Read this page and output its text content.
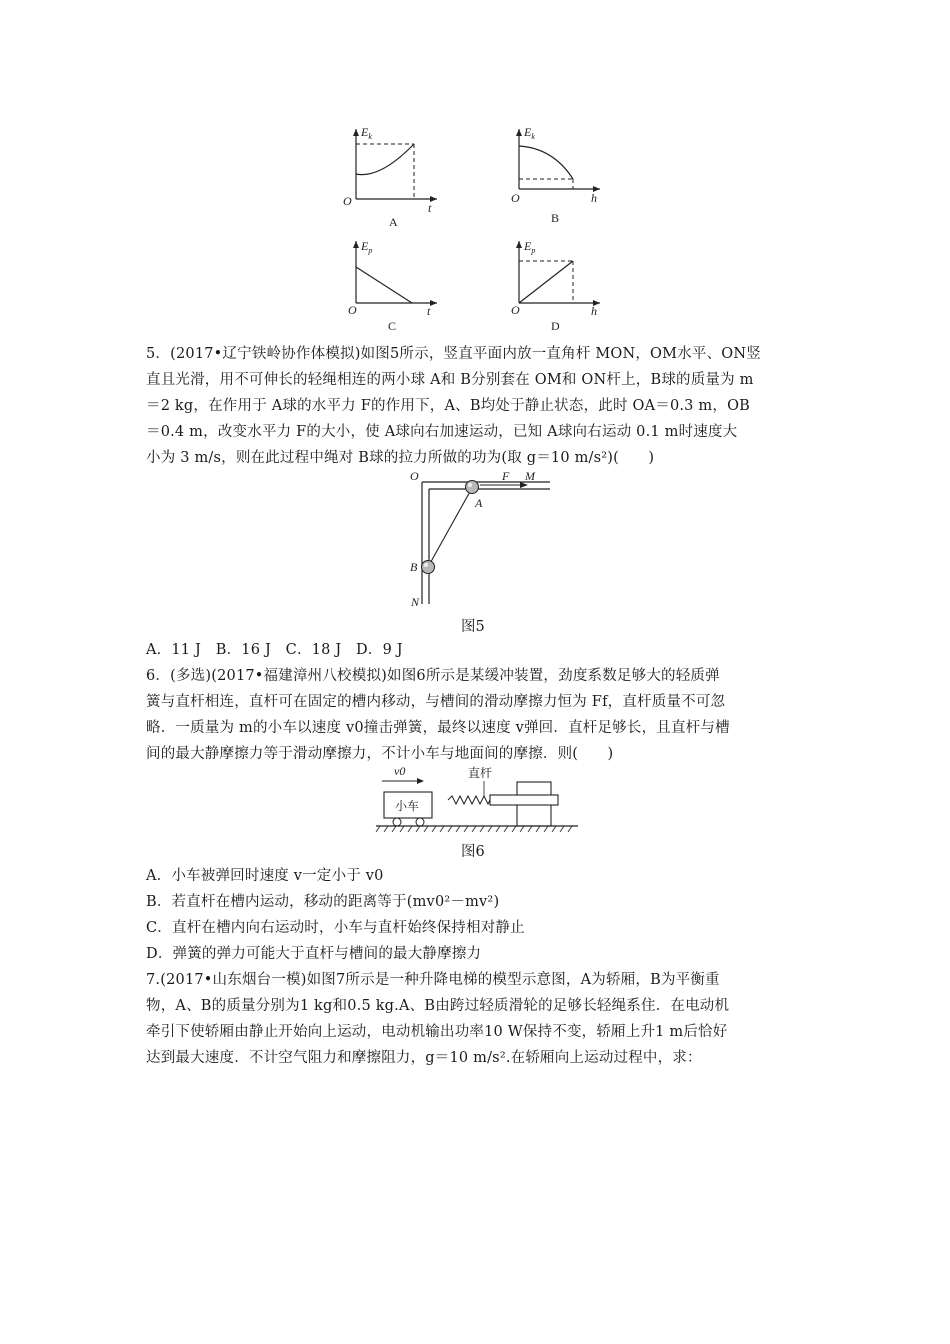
$E_k$
O	t
A
$E_k$
O	h
B
$E_p$
O	t
C
$E_p$
O	h
D
5．(2017•辽宁铁岭协作体模拟)如图5所示，竖直平面内放一直角杆 MON，OM水平、ON竖
直且光滑，用不可伸长的轻绳相连的两小球 A和 B分别套在 OM和 ON杆上，B球的质量为 m
＝2 kg，在作用于 A球的水平力 F的作用下，A、B均处于静止状态，此时 OA＝0.3 m，OB
＝0.4 m，改变水平力 F的大小，使 A球向右加速运动，已知 A球向右运动 0.1 m时速度大
小为 3 m/s，则在此过程中绳对 B球的拉力所做的功为(取 g＝10 m/s²)(　　)
O	F M
A
B
N
图5
A．11 J　B．16 J　C．18 J　D．9 J
6．(多选)(2017•福建漳州八校模拟)如图6所示是某缓冲装置，劲度系数足够大的轻质弹
簧与直杆相连，直杆可在固定的槽内移动，与槽间的滑动摩擦力恒为 Ff，直杆质量不可忽
略．一质量为 m的小车以速度 v0撞击弹簧，最终以速度 v弹回．直杆足够长，且直杆与槽
间的最大静摩擦力等于滑动摩擦力，不计小车与地面间的摩擦．则(　　)
v0	直杆
小车
图6
A．小车被弹回时速度 v一定小于 v0
B．若直杆在槽内运动，移动的距离等于(mv0²－mv²)
C．直杆在槽内向右运动时，小车与直杆始终保持相对静止
D．弹簧的弹力可能大于直杆与槽间的最大静摩擦力
7.(2017•山东烟台一模)如图7所示是一种升降电梯的模型示意图，A为轿厢，B为平衡重
物，A、B的质量分别为1 kg和0.5 kg.A、B由跨过轻质滑轮的足够长轻绳系住．在电动机
牵引下使轿厢由静止开始向上运动，电动机输出功率10 W保持不变，轿厢上升1 m后恰好
达到最大速度．不计空气阻力和摩擦阻力，g＝10 m/s².在轿厢向上运动过程中，求：
